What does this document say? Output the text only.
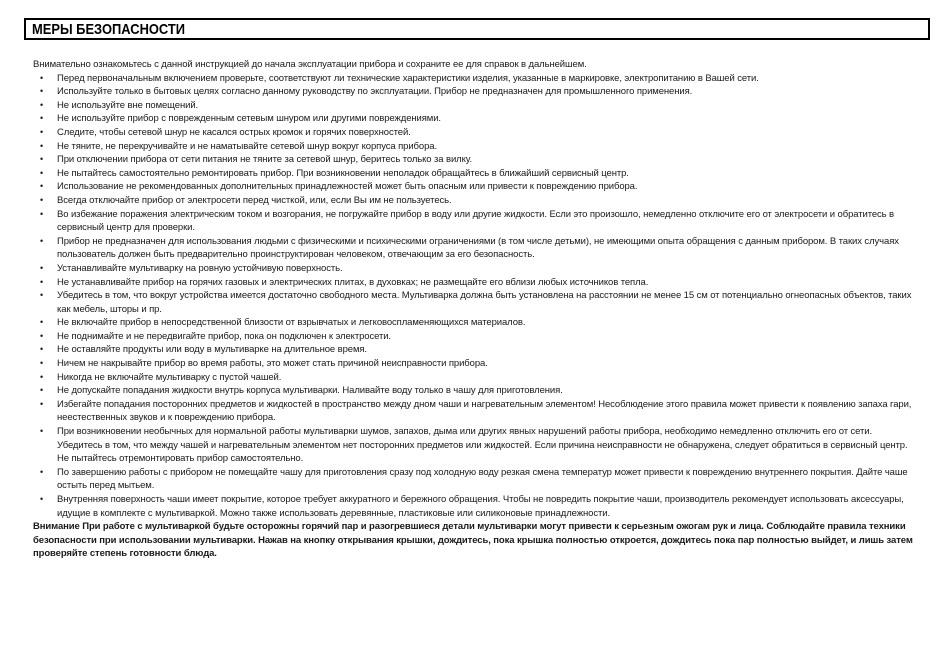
МЕРЫ БЕЗОПАСНОСТИ

Внимательно ознакомьтесь с данной инструкцией до начала эксплуатации прибора и сохраните ее для справок в дальнейшем.

• Перед первоначальным включением проверьте, соответствуют ли технические характеристики изделия, указанные в маркировке, электропитанию в Вашей сети.
• Используйте только в бытовых целях согласно данному руководству по эксплуатации. Прибор не предназначен для промышленного применения.
• Не используйте вне помещений.
• Не используйте прибор с поврежденным сетевым шнуром или другими повреждениями.
• Следите, чтобы сетевой шнур не касался острых кромок и горячих поверхностей.
• Не тяните, не перекручивайте и не наматывайте сетевой шнур вокруг корпуса прибора.
• При отключении прибора от сети питания не тяните за сетевой шнур, беритесь только за вилку.
• Не пытайтесь самостоятельно ремонтировать прибор. При возникновении неполадок обращайтесь в ближайший сервисный центр.
• Использование не рекомендованных дополнительных принадлежностей может быть опасным или привести к повреждению прибора.
• Всегда отключайте прибор от электросети перед чисткой, или, если Вы им не пользуетесь.
• Во избежание поражения электрическим током и возгорания, не погружайте прибор в воду или другие жидкости. Если это произошло, немедленно отключите его от электросети и обратитесь в сервисный центр для проверки.
• Прибор не предназначен для использования людьми с физическими и психическими ограничениями (в том числе детьми), не имеющими опыта обращения с данным прибором. В таких случаях пользователь должен быть предварительно проинструктирован человеком, отвечающим за его безопасность.
• Устанавливайте мультиварку на ровную устойчивую поверхность.
• Не устанавливайте прибор на горячих газовых и электрических плитах, в духовках; не размещайте его вблизи любых источников тепла.
• Убедитесь в том, что вокруг устройства имеется достаточно свободного места. Мультиварка должна быть установлена на расстоянии не менее 15 см от потенциально огнеопасных объектов, таких как мебель, шторы и пр.
• Не включайте прибор в непосредственной близости от взрывчатых и легковоспламеняющихся материалов.
• Не поднимайте и не передвигайте прибор, пока он подключен к электросети.
• Не оставляйте продукты или воду в мультиварке на длительное время.
• Ничем не накрывайте прибор во время работы, это может стать причиной неисправности прибора.
• Никогда не включайте мультиварку с пустой чашей.
• Не допускайте попадания жидкости внутрь корпуса мультиварки. Наливайте воду только в чашу для приготовления.
• Избегайте попадания посторонних предметов и жидкостей в пространство между дном чаши и нагревательным элементом! Несоблюдение этого правила может привести к появлению запаха гари, неестественных звуков и к повреждению прибора.
• При возникновении необычных для нормальной работы мультиварки шумов, запахов, дыма или других явных нарушений работы прибора, необходимо немедленно отключить его от сети. Убедитесь в том, что между чашей и нагревательным элементом нет посторонних предметов или жидкостей. Если причина неисправности не обнаружена, следует обратиться в сервисный центр. Не пытайтесь отремонтировать прибор самостоятельно.
• По завершению работы с прибором не помещайте чашу для приготовления сразу под холодную воду резкая смена температур может привести к повреждению внутреннего покрытия. Дайте чаше остыть перед мытьем.
• Внутренняя поверхность чаши имеет покрытие, которое требует аккуратного и бережного обращения. Чтобы не повредить покрытие чаши, производитель рекомендует использовать аксессуары, идущие в комплекте с мультиваркой. Можно также использовать деревянные, пластиковые или силиконовые принадлежности.

Внимание При работе с мультиваркой будьте осторожны горячий пар и разогревшиеся детали мультиварки могут привести к серьезным ожогам рук и лица. Соблюдайте правила техники безопасности при использовании мультиварки. Нажав на кнопку открывания крышки, дождитесь, пока крышка полностью откроется, дождитесь пока пар полностью выйдет, и лишь затем проверяйте степень готовности блюда.
